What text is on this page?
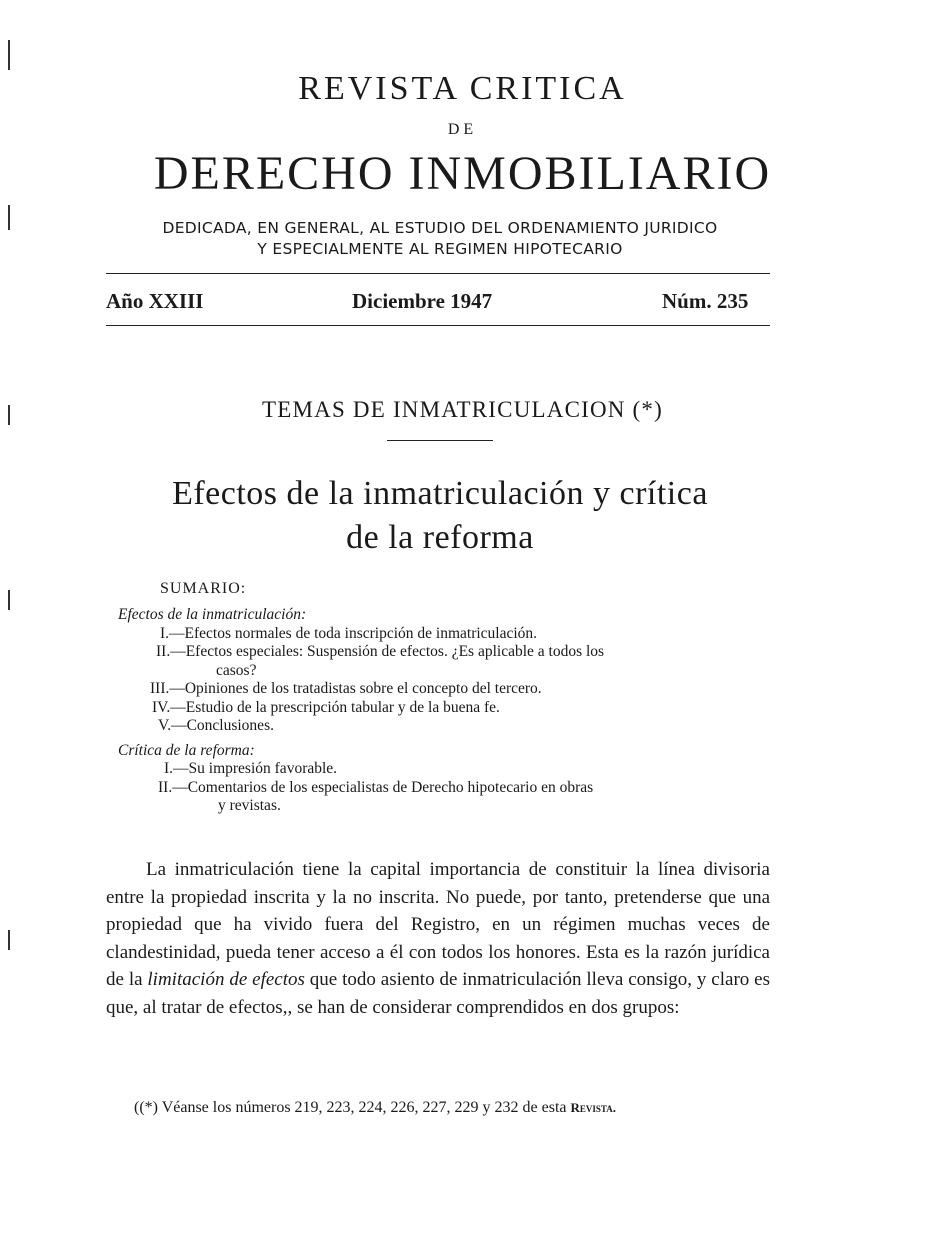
REVISTA CRITICA
DE
DERECHO INMOBILIARIO
DEDICADA, EN GENERAL, AL ESTUDIO DEL ORDENAMIENTO JURIDICO
Y ESPECIALMENTE AL REGIMEN HIPOTECARIO
Año XXIII	Diciembre 1947	Núm. 235
TEMAS DE INMATRICULACION (*)
Efectos de la inmatriculación y crítica
de la reforma
SUMARIO:
Efectos de la inmatriculación:
I.—Efectos normales de toda inscripción de inmatriculación.
II.—Efectos especiales: Suspensión de efectos. ¿Es aplicable a todos los
casos?
III.—Opiniones de los tratadistas sobre el concepto del tercero.
IV.—Estudio de la prescripción tabular y de la buena fe.
V.—Conclusiones.
Crítica de la reforma:
I.—Su impresión favorable.
II.—Comentarios de los especialistas de Derecho hipotecario en obras
y revistas.

La inmatriculación tiene la capital importancia de constituir la línea divisoria entre la propiedad inscrita y la no inscrita. No puede, por tanto, pretenderse que una propiedad que ha vivido fuera del Registro, en un régimen muchas veces de clandestinidad, pueda tener acceso a él con todos los honores. Esta es la razón jurídica de la limitación de efectos que todo asiento de inmatriculación lleva consigo, y claro es que, al tratar de efectos,, se han de considerar comprendidos en dos grupos:

((*) Véanse los números 219, 223, 224, 226, 227, 229 y 232 de esta Revista.
